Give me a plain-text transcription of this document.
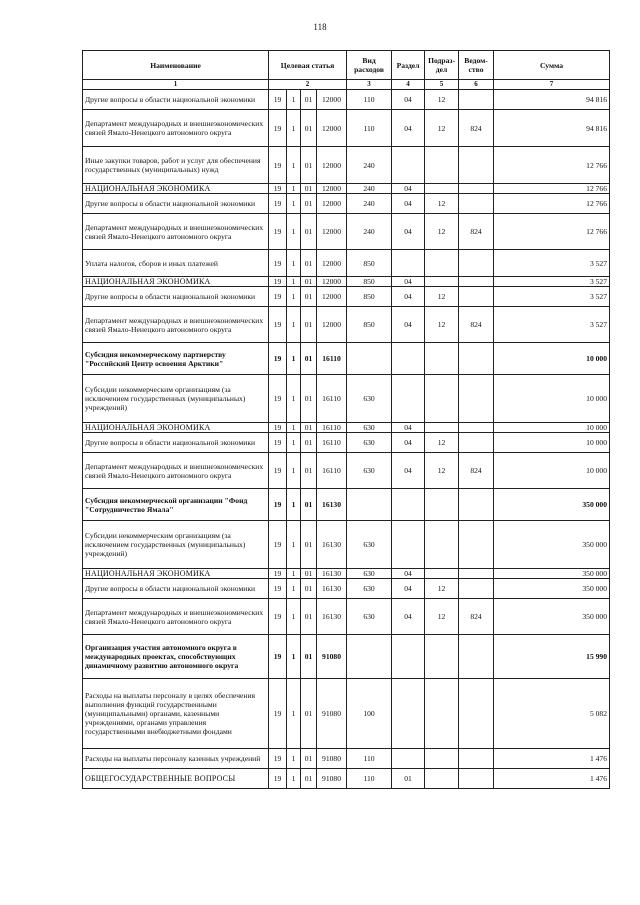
118
Наименование	Целевая статья				Вид расходов	Раздел	Подраз-дел	Ведом-ство	Сумма
1	2				3	4	5	6	7
Другие вопросы в области национальной экономики	19	1	01	12000	110	04	12		94 816
Департамент международных и внешнеэкономических связей Ямало-Ненецкого автономного округа	19	1	01	12000	110	04	12	824	94 816
Иные закупки товаров, работ и услуг для обеспечения государственных (муниципальных) нужд	19	1	01	12000	240				12 766
НАЦИОНАЛЬНАЯ ЭКОНОМИКА	19	1	01	12000	240	04			12 766
Другие вопросы в области национальной экономики	19	1	01	12000	240	04	12		12 766
Департамент международных и внешнеэкономических связей Ямало-Ненецкого автономного округа	19	1	01	12000	240	04	12	824	12 766
Уплата налогов, сборов и иных платежей	19	1	01	12000	850				3 527
НАЦИОНАЛЬНАЯ ЭКОНОМИКА	19	1	01	12000	850	04			3 527
Другие вопросы в области национальной экономики	19	1	01	12000	850	04	12		3 527
Департамент международных и внешнеэкономических связей Ямало-Ненецкого автономного округа	19	1	01	12000	850	04	12	824	3 527
Субсидия некоммерческому партнерству "Российский Центр освоения Арктики"	19	1	01	16110					10 000
Субсидии некоммерческим организациям (за исключением государственных (муниципальных) учреждений)	19	1	01	16110	630				10 000
НАЦИОНАЛЬНАЯ ЭКОНОМИКА	19	1	01	16110	630	04			10 000
Другие вопросы в области национальной экономики	19	1	01	16110	630	04	12		10 000
Департамент международных и внешнеэкономических связей Ямало-Ненецкого автономного округа	19	1	01	16110	630	04	12	824	10 000
Субсидия некоммерческой организации "Фонд "Сотрудничество Ямала"	19	1	01	16130					350 000
Субсидии некоммерческим организациям (за исключением государственных (муниципальных) учреждений)	19	1	01	16130	630				350 000
НАЦИОНАЛЬНАЯ ЭКОНОМИКА	19	1	01	16130	630	04			350 000
Другие вопросы в области национальной экономики	19	1	01	16130	630	04	12		350 000
Департамент международных и внешнеэкономических связей Ямало-Ненецкого автономного округа	19	1	01	16130	630	04	12	824	350 000
Организация участия автономного округа в международных проектах, способствующих динамичному развитию автономного округа	19	1	01	91080					15 990
Расходы на выплаты персоналу в целях обеспечения выполнения функций государственными (муниципальными) органами, казенными учреждениями, органами управления государственными внебюджетными фондами	19	1	01	91080	100				5 082
Расходы на выплаты персоналу казенных учреждений	19	1	01	91080	110				1 476
ОБЩЕГОСУДАРСТВЕННЫЕ ВОПРОСЫ	19	1	01	91080	110	01			1 476
